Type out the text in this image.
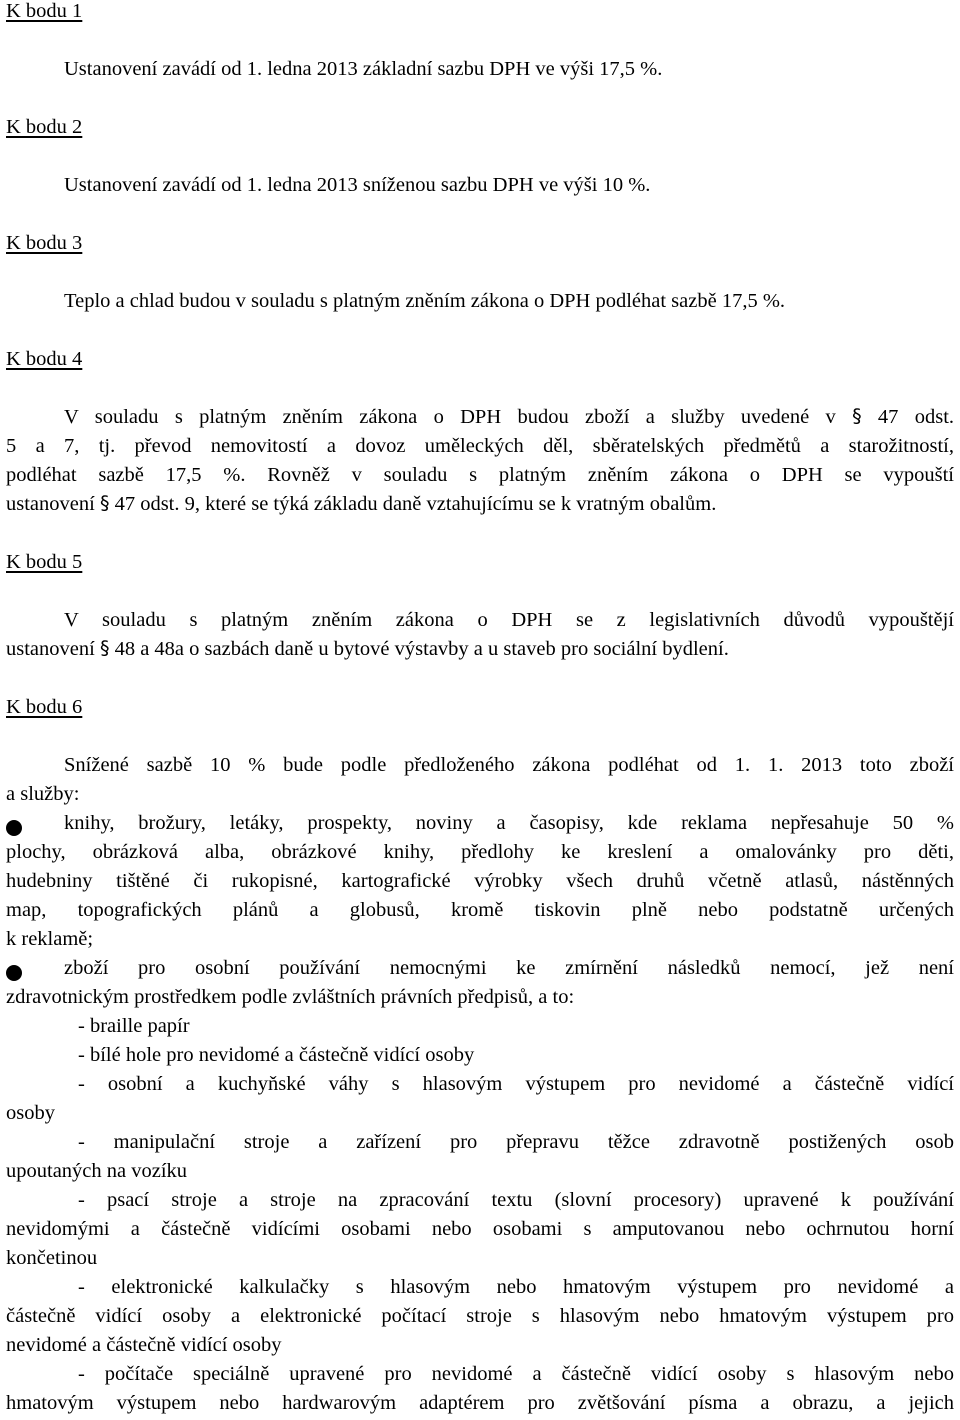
K bodu 1
Ustanovení zavádí od 1. ledna 2013 základní sazbu DPH ve výši 17,5 %.
K bodu 2
Ustanovení zavádí od 1. ledna 2013 sníženou sazbu DPH ve výši 10 %.
K bodu 3
Teplo a chlad budou v souladu s platným zněním zákona o DPH podléhat sazbě 17,5 %.
K bodu 4
V souladu s platným zněním zákona o DPH budou zboží a služby uvedené v § 47 odst.
5 a 7, tj. převod nemovitostí a dovoz uměleckých děl, sběratelských předmětů a starožitností,
podléhat sazbě 17,5 %. Rovněž v souladu s platným zněním zákona o DPH se vypouští
ustanovení § 47 odst. 9, které se týká základu daně vztahujícímu se k vratným obalům.
K bodu 5
V souladu s platným zněním zákona o DPH se z legislativních důvodů vypouštějí
ustanovení § 48 a 48a o sazbách daně u bytové výstavby a u staveb pro sociální bydlení.
K bodu 6
Snížené sazbě 10 % bude podle předloženého zákona podléhat od 1. 1. 2013 toto zboží
a služby:
knihy, brožury, letáky, prospekty, noviny a časopisy, kde reklama nepřesahuje 50 %
plochy, obrázková alba, obrázkové knihy, předlohy ke kreslení a omalovánky pro děti,
hudebniny tištěné či rukopisné, kartografické výrobky všech druhů včetně atlasů, nástěnných
map, topografických plánů a globusů, kromě tiskovin plně nebo podstatně určených
k reklamě;
zboží pro osobní používání nemocnými ke zmírnění následků nemocí, jež není
zdravotnickým prostředkem podle zvláštních právních předpisů, a to:
- braille papír
- bílé hole pro nevidomé a částečně vidící osoby
- osobní a kuchyňské váhy s hlasovým výstupem pro nevidomé a částečně vidící
osoby
- manipulační stroje a zařízení pro přepravu těžce zdravotně postižených osob
upoutaných na vozíku
- psací stroje a stroje na zpracování textu (slovní procesory) upravené k používání
nevidomými a částečně vidícími osobami nebo osobami s amputovanou nebo ochrnutou horní
končetinou
- elektronické kalkulačky s hlasovým nebo hmatovým výstupem pro nevidomé a
částečně vidící osoby a elektronické počítací stroje s hlasovým nebo hmatovým výstupem pro
nevidomé a částečně vidící osoby
- počítače speciálně upravené pro nevidomé a částečně vidící osoby s hlasovým nebo
hmatovým výstupem nebo hardwarovým adaptérem pro zvětšování písma a obrazu, a jejich
